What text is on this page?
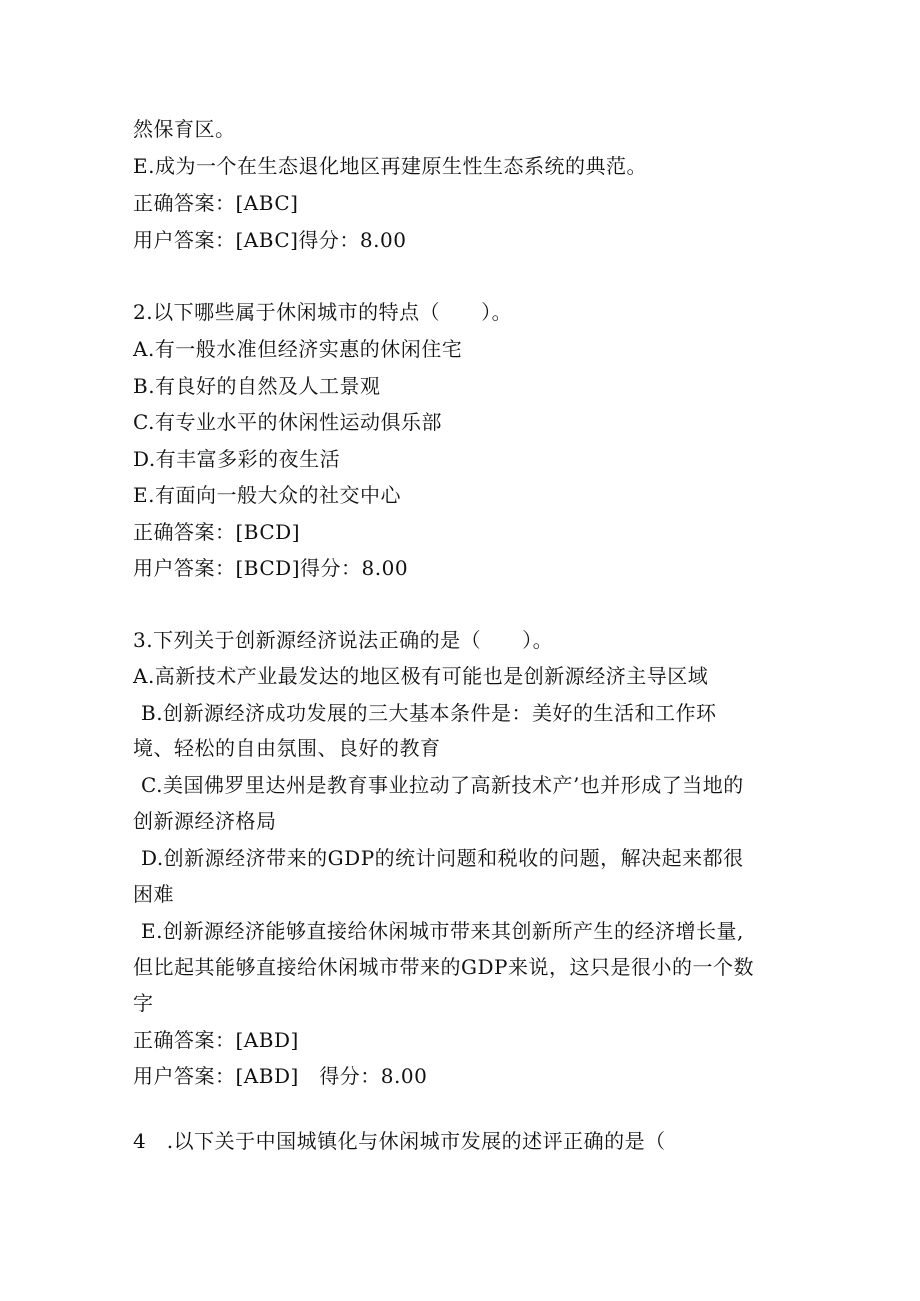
然保育区。
E.成为一个在生态退化地区再建原生性生态系统的典范。
正确答案：[ABC]
用户答案：[ABC]得分：8.00
2.以下哪些属于休闲城市的特点（　　）。
A.有一般水准但经济实惠的休闲住宅
B.有良好的自然及人工景观
C.有专业水平的休闲性运动俱乐部
D.有丰富多彩的夜生活
E.有面向一般大众的社交中心
正确答案：[BCD]
用户答案：[BCD]得分：8.00
3.下列关于创新源经济说法正确的是（　　）。
A.高新技术产业最发达的地区极有可能也是创新源经济主导区域
B.创新源经济成功发展的三大基本条件是：美好的生活和工作环
境、轻松的自由氛围、良好的教育
C.美国佛罗里达州是教育事业拉动了高新技术产’也并形成了当地的
创新源经济格局
D.创新源经济带来的GDP的统计问题和税收的问题，解决起来都很
困难
E.创新源经济能够直接给休闲城市带来其创新所产生的经济增长量,
但比起其能够直接给休闲城市带来的GDP来说，这只是很小的一个数
字
正确答案：[ABD]
用户答案：[ABD]　得分：8.00
4　.以下关于中国城镇化与休闲城市发展的述评正确的是（
